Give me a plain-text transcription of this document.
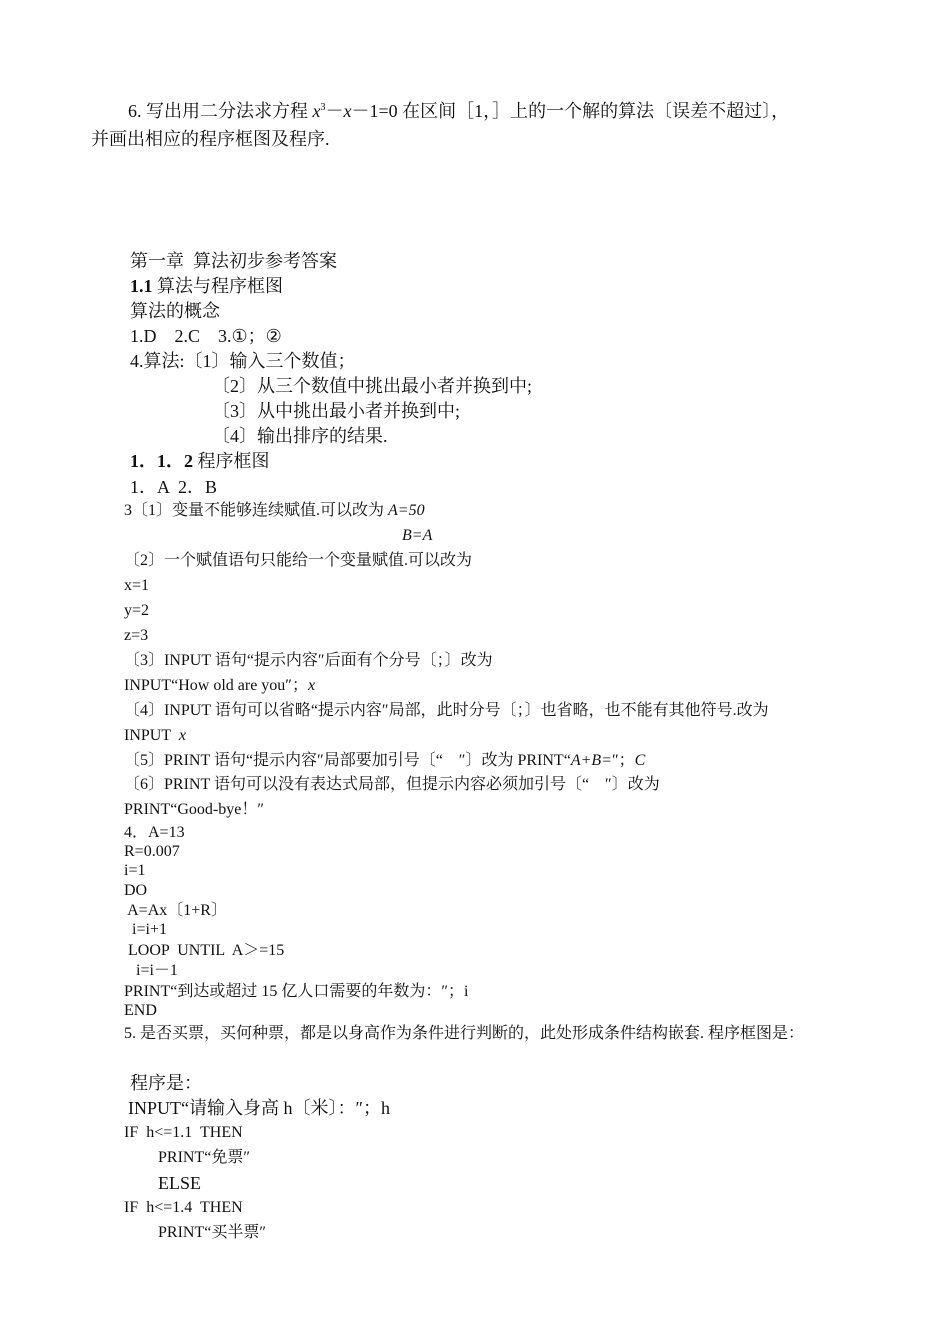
6. 写出用二分法求方程 $x^3-x-1=0$ 在区间［1，］上的一个解的算法〔误差不超过〕，
并画出相应的程序框图及程序.
第一章  算法初步参考答案
1.1 算法与程序框图
算法的概念
1.D    2.C    3.①；②
4.算法:〔1〕输入三个数值；
〔2〕从三个数值中挑出最小者并换到中;
〔3〕从中挑出最小者并换到中;
〔4〕输出排序的结果.
1．1．2 程序框图
1．A  2．B
3〔1〕变量不能够连续赋值.可以改为 A=50
B=A
〔2〕一个赋值语句只能给一个变量赋值.可以改为
x=1
y=2
z=3
〔3〕INPUT 语句“提示内容″后面有个分号〔；〕改为
INPUT“How old are you″；x
〔4〕INPUT 语句可以省略“提示内容″局部，此时分号〔；〕也省略，也不能有其他符号.改为
INPUT  x
〔5〕PRINT 语句“提示内容″局部要加引号〔“    ″〕改为 PRINT“A+B=″；C
〔6〕PRINT 语句可以没有表达式局部，但提示内容必须加引号〔“    ″〕改为
PRINT“Good-bye！″
4．A=13
R=0.007
i=1
DO
A=Ax〔1+R〕
i=i+1
LOOP  UNTIL  A＞=15
i=i－1
PRINT“到达或超过 15 亿人口需要的年数为：″；i
END
5. 是否买票，买何种票，都是以身高作为条件进行判断的，此处形成条件结构嵌套. 程序框图是：
程序是：
INPUT“请输入身高 h〔米〕：″；h
IF  h<=1.1  THEN
PRINT“免票″
ELSE
IF  h<=1.4  THEN
PRINT“买半票″
